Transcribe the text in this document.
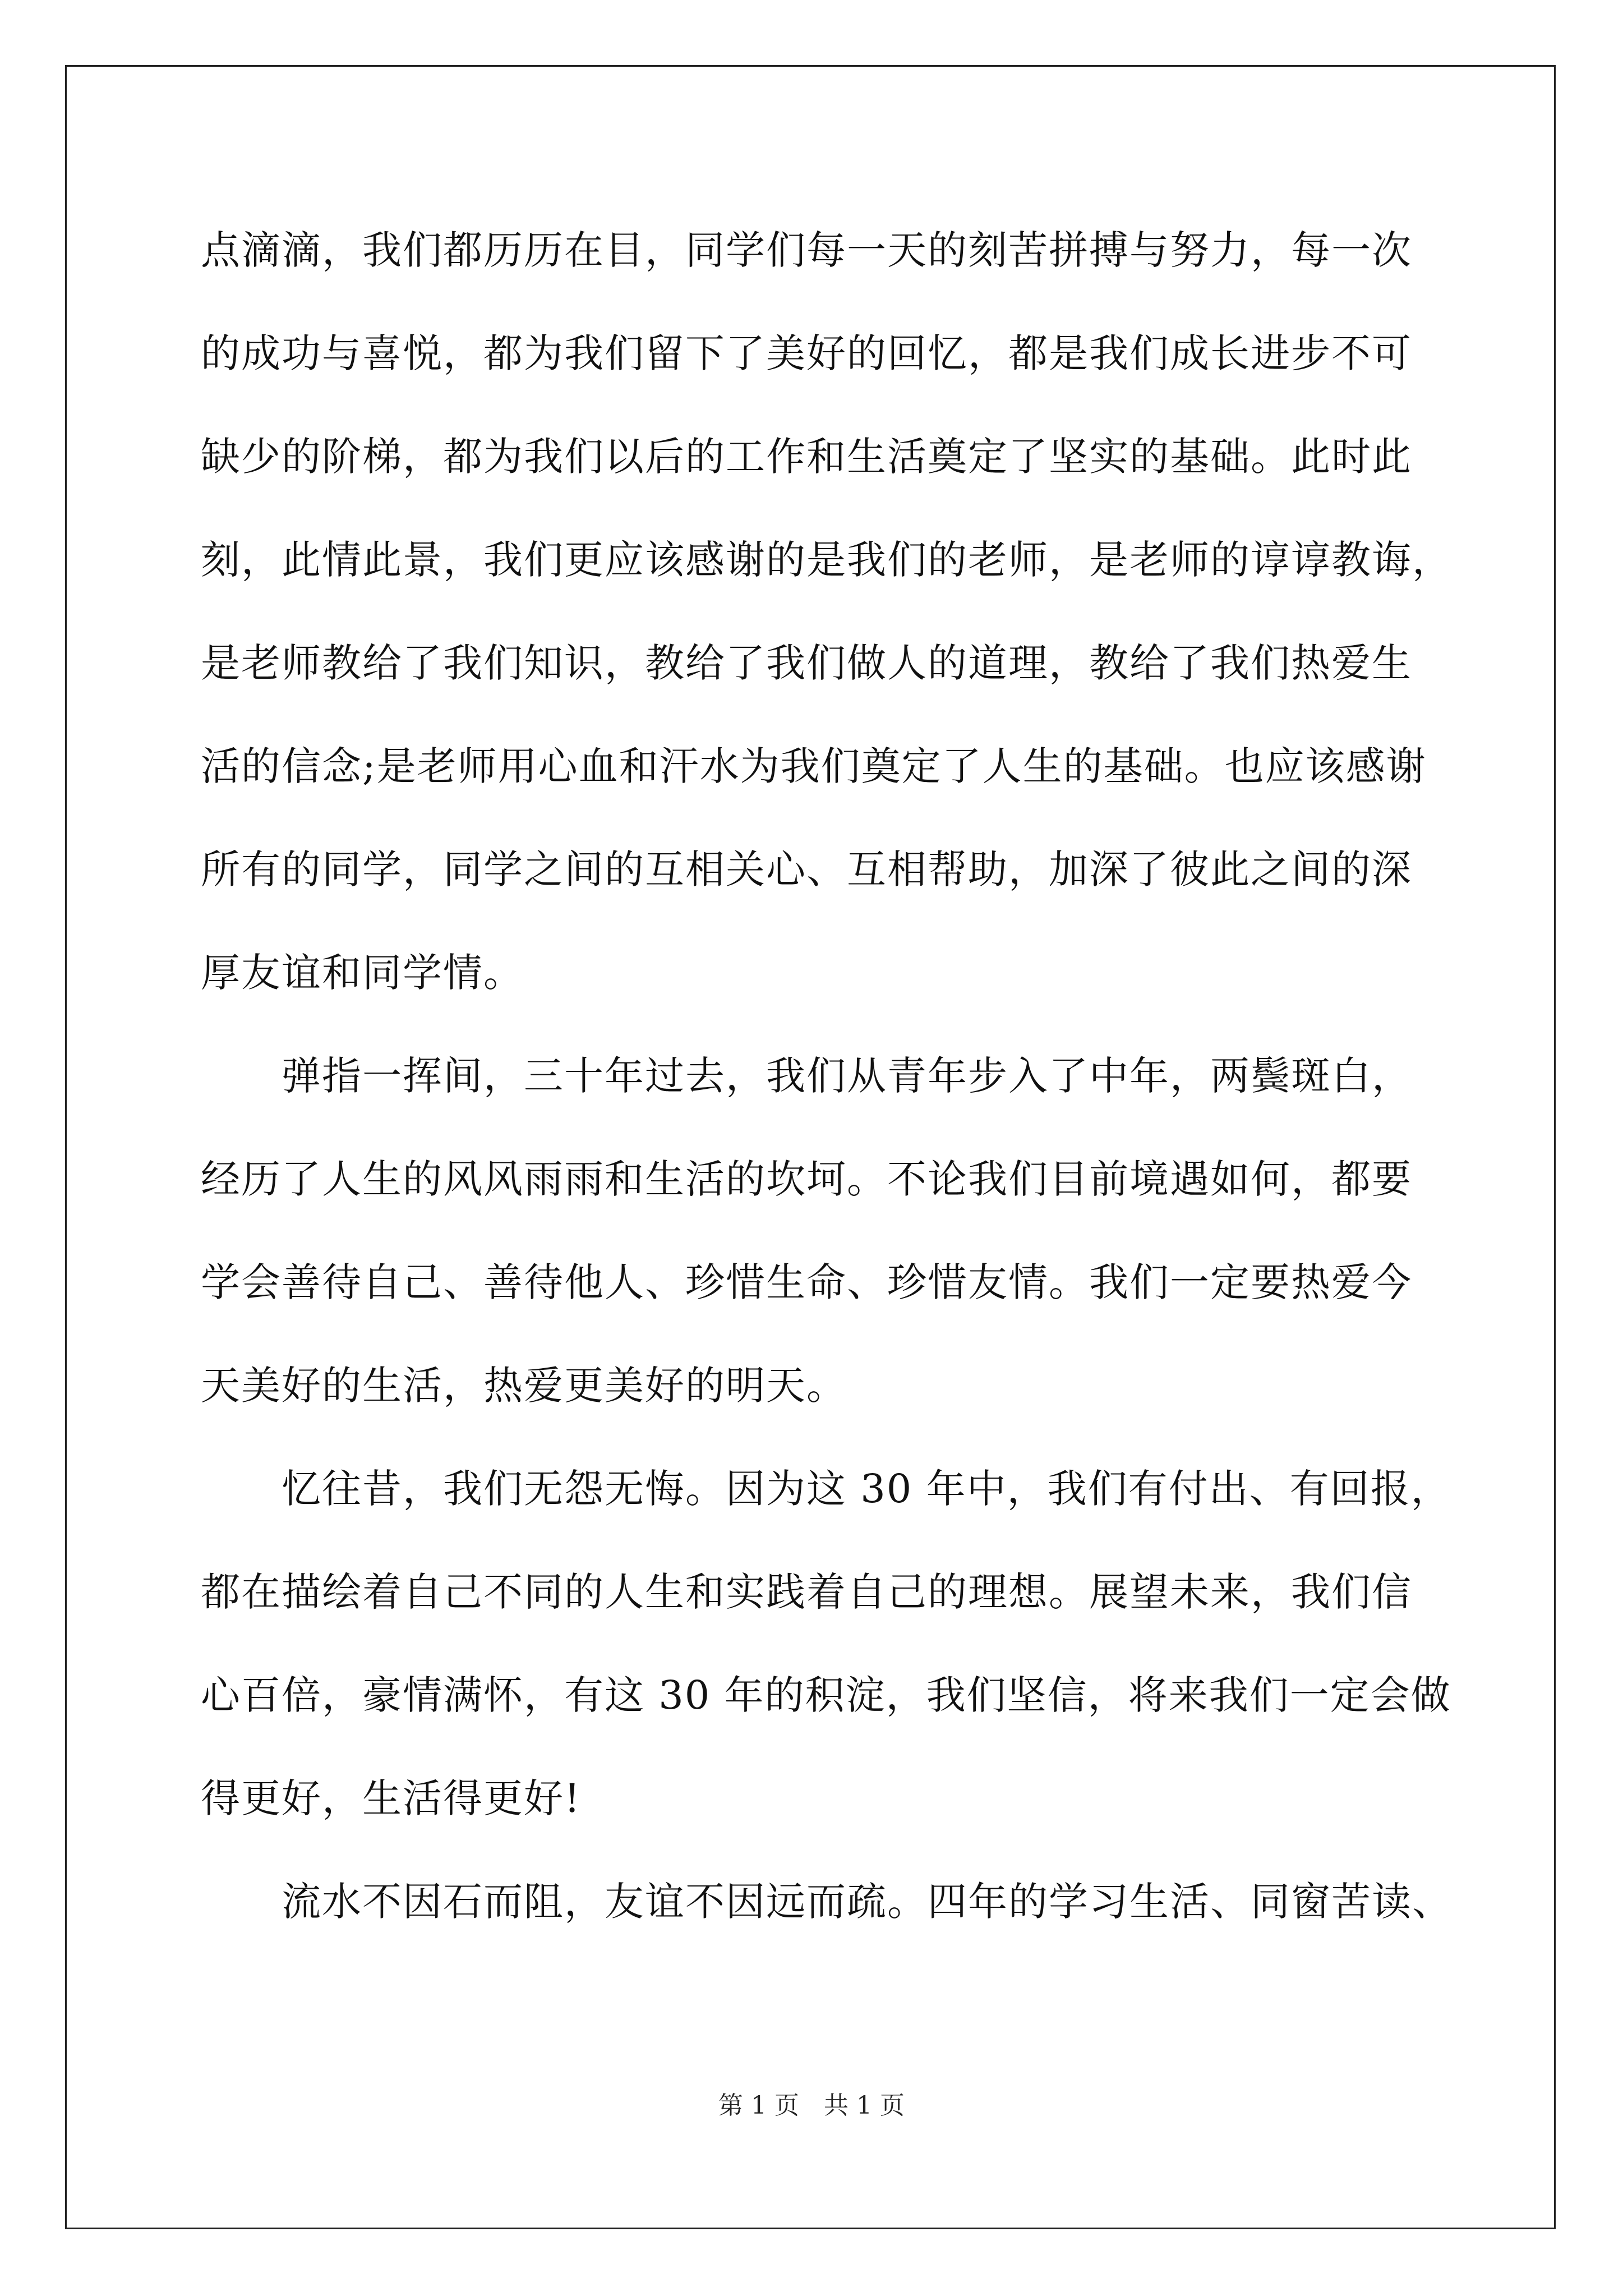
点滴滴，我们都历历在目，同学们每一天的刻苦拼搏与努力，每一次
的成功与喜悦，都为我们留下了美好的回忆，都是我们成长进步不可
缺少的阶梯，都为我们以后的工作和生活奠定了坚实的基础。此时此
刻，此情此景，我们更应该感谢的是我们的老师，是老师的谆谆教诲，
是老师教给了我们知识，教给了我们做人的道理，教给了我们热爱生
活的信念;是老师用心血和汗水为我们奠定了人生的基础。也应该感谢
所有的同学，同学之间的互相关心、互相帮助，加深了彼此之间的深
厚友谊和同学情。
　　弹指一挥间，三十年过去，我们从青年步入了中年，两鬓斑白，
经历了人生的风风雨雨和生活的坎坷。不论我们目前境遇如何，都要
学会善待自己、善待他人、珍惜生命、珍惜友情。我们一定要热爱今
天美好的生活，热爱更美好的明天。
　　忆往昔，我们无怨无悔。因为这 30 年中，我们有付出、有回报，
都在描绘着自己不同的人生和实践着自己的理想。展望未来，我们信
心百倍，豪情满怀，有这 30 年的积淀，我们坚信，将来我们一定会做
得更好，生活得更好!
　　流水不因石而阻，友谊不因远而疏。四年的学习生活、同窗苦读、
第 1 页　共 1 页
